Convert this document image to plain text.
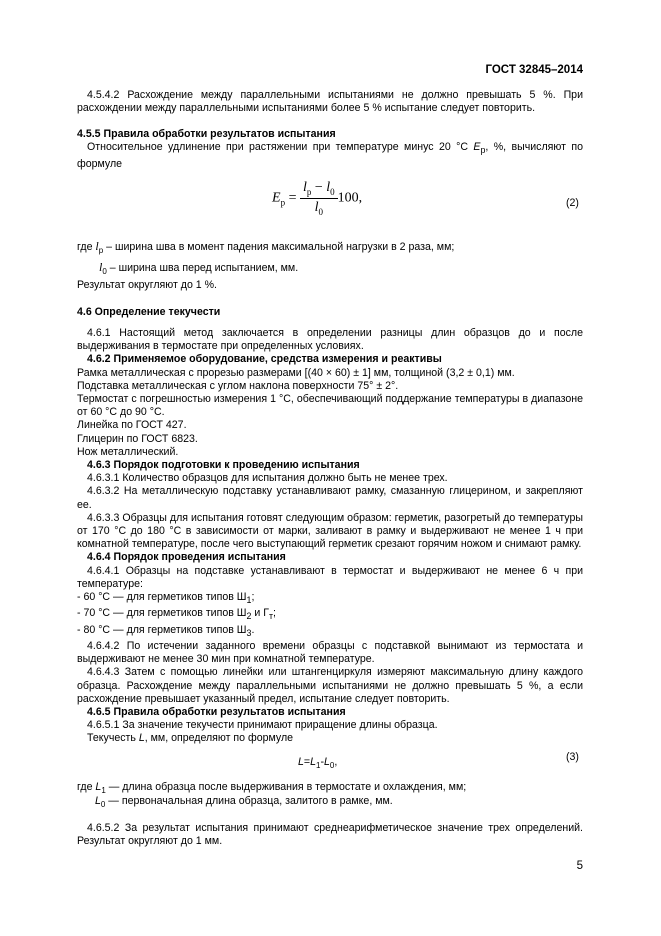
ГОСТ 32845–2014

4.5.4.2 Расхождение между параллельными испытаниями не должно превышать 5 %. При расхождении между параллельными испытаниями более 5 % испытание следует повторить.

4.5.5 Правила обработки результатов испытания

Относительное удлинение при растяжении при температуре минус 20 °С $E_р$, %, вычисляют по формуле

$E_р = \frac{l_р - l_0}{l_0} 100$,	(2)
где $l_р$ – ширина шва в момент падения максимальной нагрузки в 2 раза, мм;
$l_0$ – ширина шва перед испытанием, мм.
Результат округляют до 1 %.

4.6 Определение текучести

4.6.1 Настоящий метод заключается в определении разницы длин образцов до и после выдерживания в термостате при определенных условиях.

4.6.2 Применяемое оборудование, средства измерения и реактивы

Рамка металлическая с прорезью размерами [(40 × 60) ± 1] мм, толщиной (3,2 ± 0,1) мм.

Подставка металлическая с углом наклона поверхности 75° ± 2°.

Термостат с погрешностью измерения 1 °С, обеспечивающий поддержание температуры в диапазоне от 60 °С до 90 °С.

Линейка по ГОСТ 427.

Глицерин по ГОСТ 6823.

Нож металлический.

4.6.3 Порядок подготовки к проведению испытания

4.6.3.1 Количество образцов для испытания должно быть не менее трех.

4.6.3.2 На металлическую подставку устанавливают рамку, смазанную глицерином, и закрепляют ее.

4.6.3.3 Образцы для испытания готовят следующим образом: герметик, разогретый до температуры от 170 °С до 180 °С в зависимости от марки, заливают в рамку и выдерживают не менее 1 ч при комнатной температуре, после чего выступающий герметик срезают горячим ножом и снимают рамку.

4.6.4 Порядок проведения испытания

4.6.4.1 Образцы на подставке устанавливают в термостат и выдерживают не менее 6 ч при температуре:

- 60 °С — для герметиков типов $Ш_1$;

- 70 °С — для герметиков типов $Ш_2$ и $Г_т$;

- 80 °С — для герметиков типов $Ш_3$.

4.6.4.2 По истечении заданного времени образцы с подставкой вынимают из термостата и выдерживают не менее 30 мин при комнатной температуре.

4.6.4.3 Затем с помощью линейки или штангенциркуля измеряют максимальную длину каждого образца. Расхождение между параллельными испытаниями не должно превышать 5 %, а если расхождение превышает указанный предел, испытание следует повторить.

4.6.5 Правила обработки результатов испытания

4.6.5.1 За значение текучести принимают приращение длины образца.

Текучесть L, мм, определяют по формуле

$L=L_1-L_0$,	(3)
где $L_1$ — длина образца после выдерживания в термостате и охлаждения, мм;
$L_0$ — первоначальная длина образца, залитого в рамке, мм.

4.6.5.2 За результат испытания принимают среднеарифметическое значение трех определений. Результат округляют до 1 мм.

5
